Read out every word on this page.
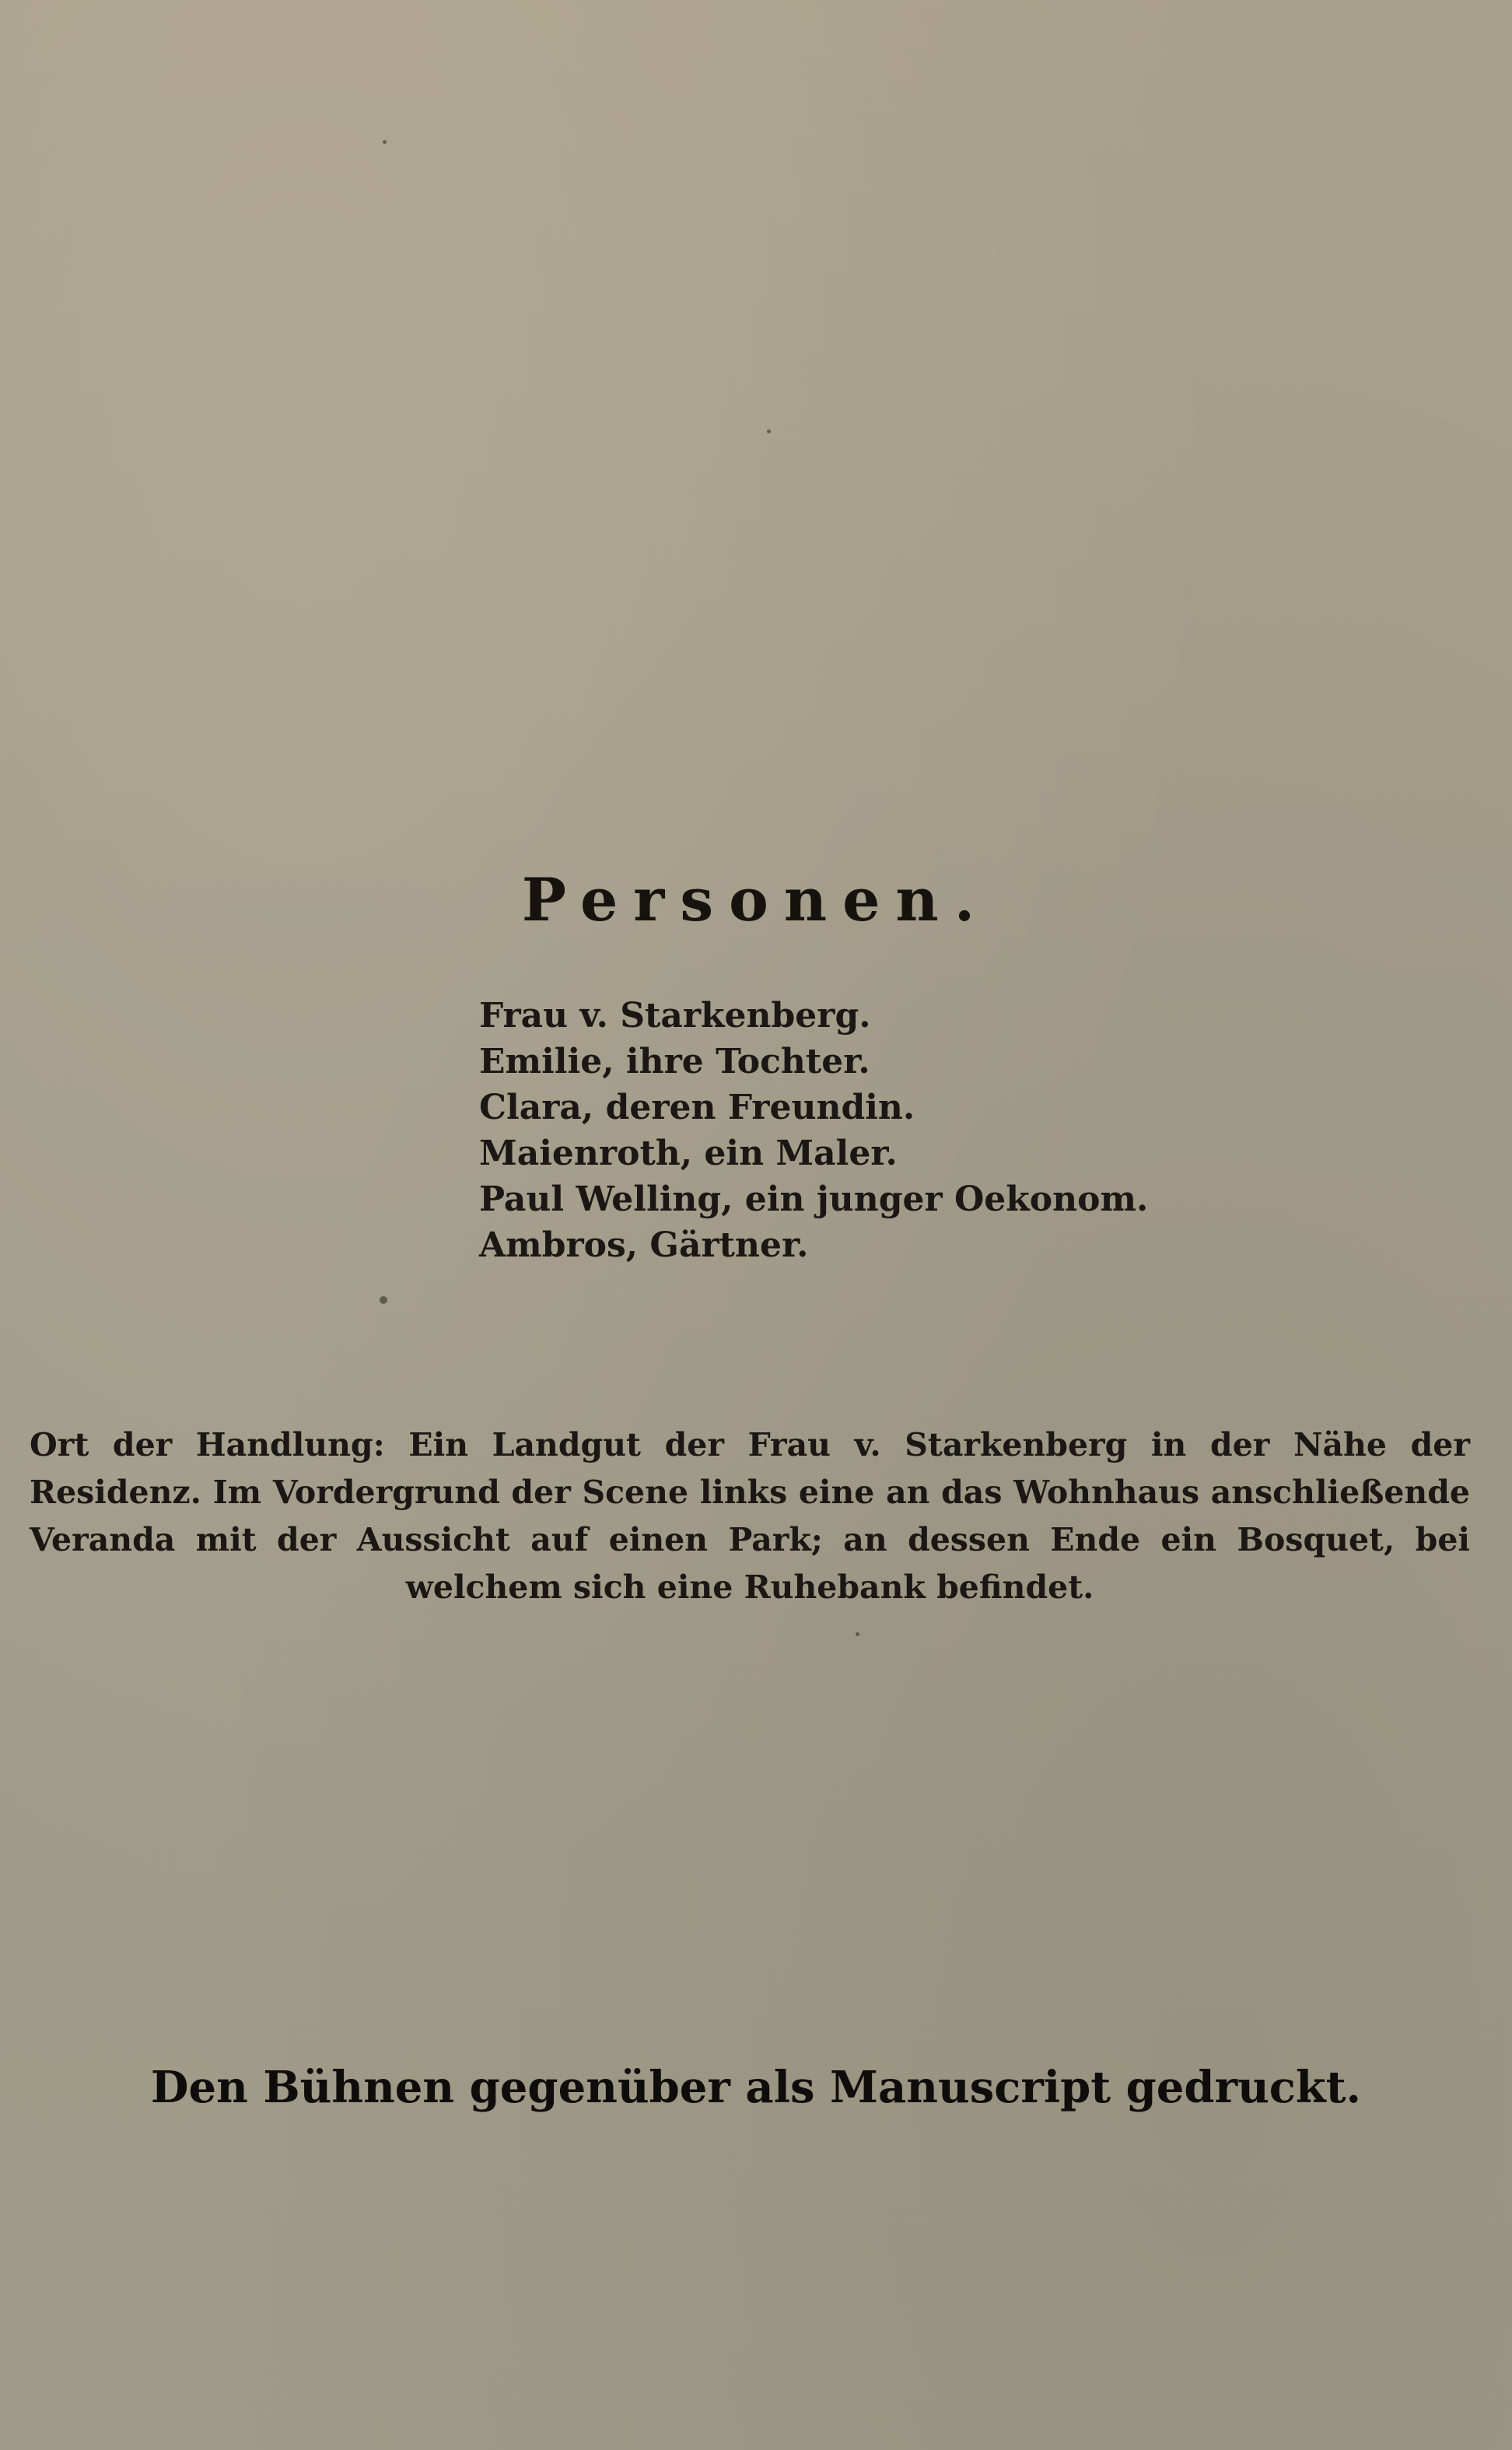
Personen.
Frau v. Starkenberg.
Emilie, ihre Tochter.
Clara, deren Freundin.
Maienroth, ein Maler.
Paul Welling, ein junger Oekonom.
Ambros, Gärtner.

Ort der Handlung: Ein Landgut der Frau v. Starkenberg in der Nähe der Residenz. Im Vordergrund der Scene links eine an das Wohnhaus anschließende Veranda mit der Aussicht auf einen Park; an dessen Ende ein Bosquet, bei welchem sich eine Ruhebank befindet.

Den Bühnen gegenüber als Manuscript gedruckt.
